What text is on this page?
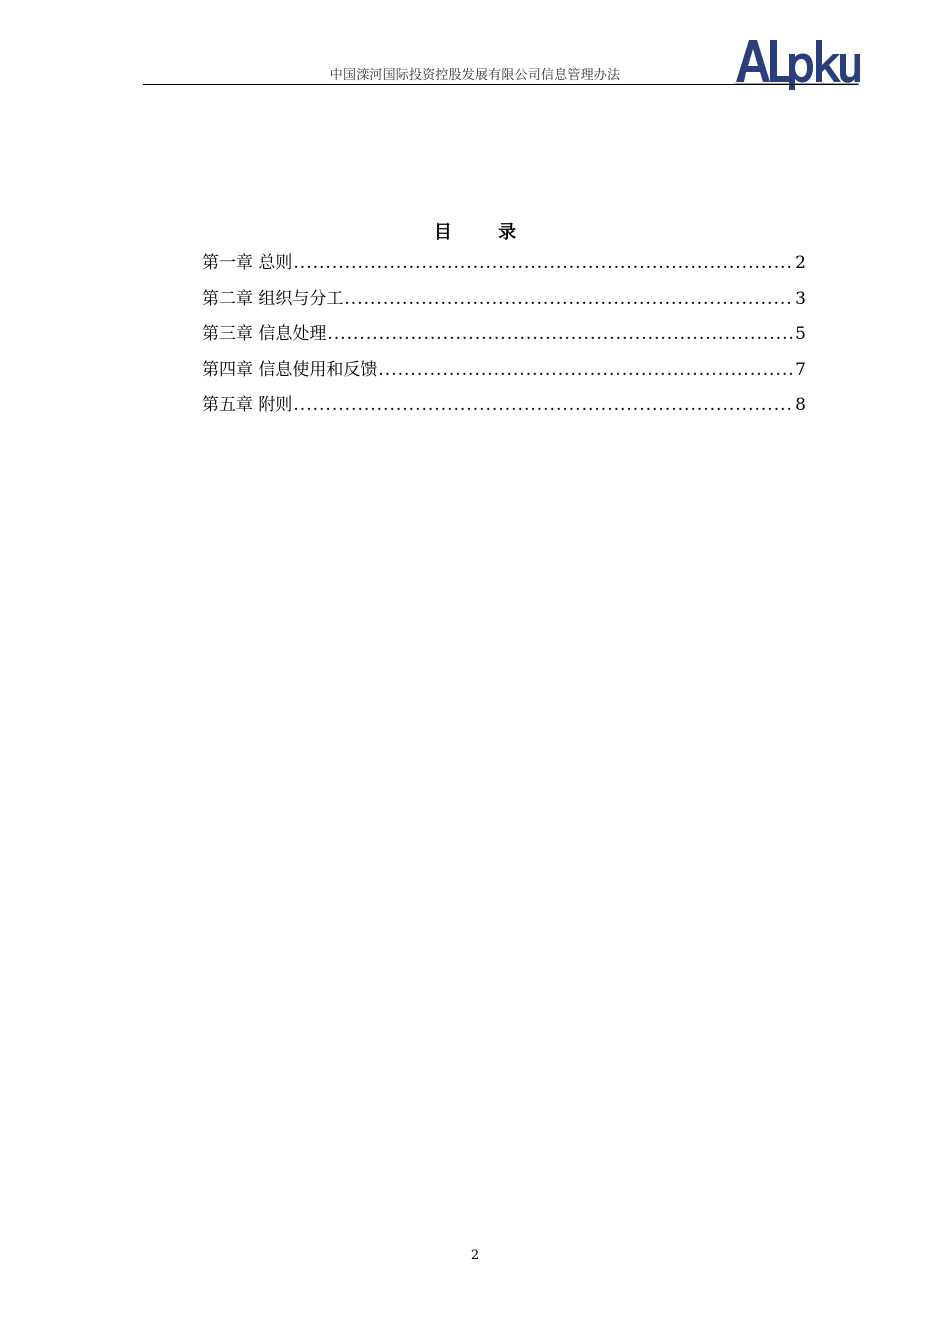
中国滦河国际投资控股发展有限公司信息管理办法
目 录
第一章 总则 .....	2
第二章 组织与分工 .....	3
第三章 信息处理 .....	5
第四章 信息使用和反馈 .....	7
第五章 附则 .....	8
2
